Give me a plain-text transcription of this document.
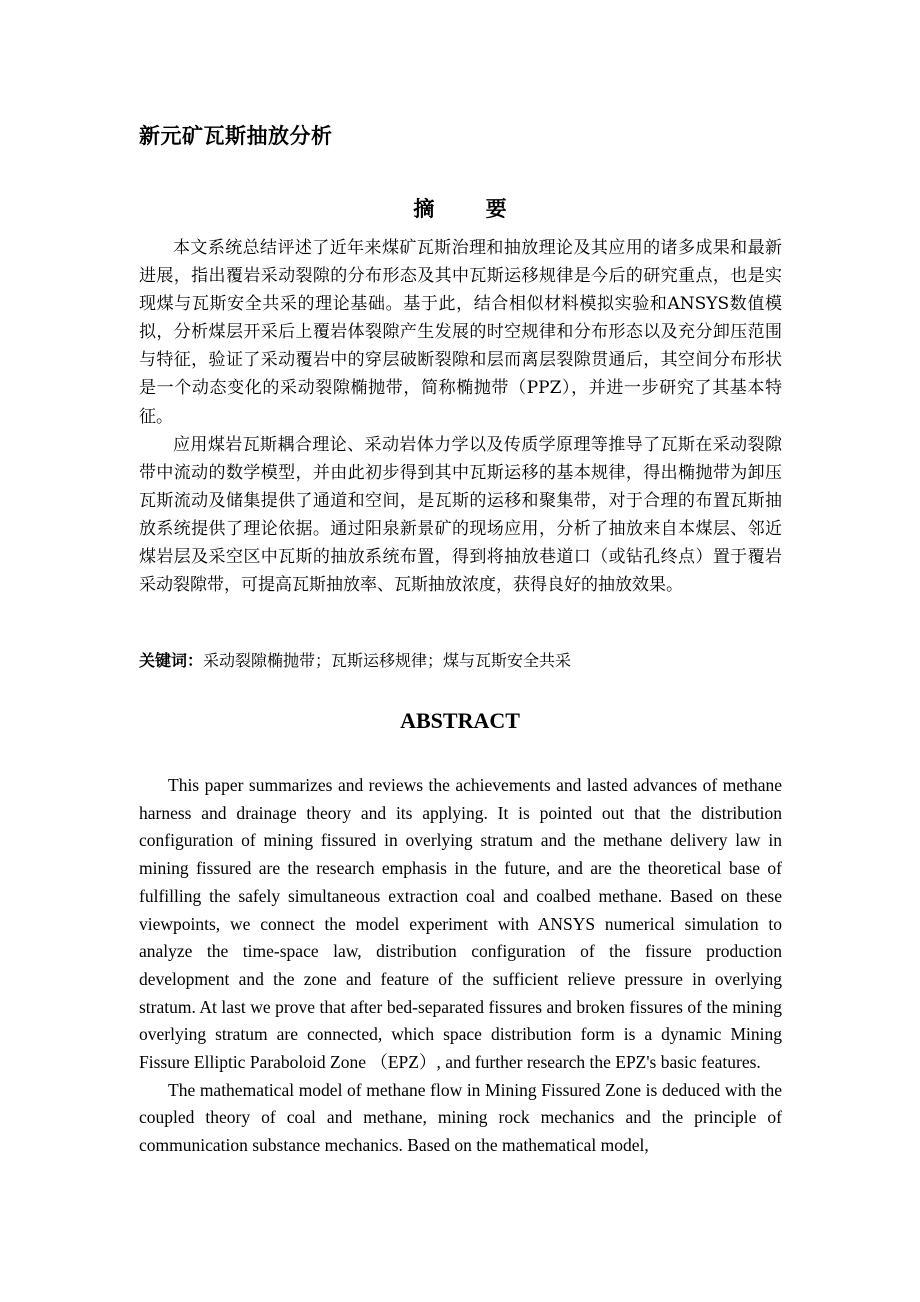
新元矿瓦斯抽放分析
摘 要

本文系统总结评述了近年来煤矿瓦斯治理和抽放理论及其应用的诸多成果和最新进展，指出覆岩采动裂隙的分布形态及其中瓦斯运移规律是今后的研究重点，也是实现煤与瓦斯安全共采的理论基础。基于此，结合相似材料模拟实验和ANSYS数值模拟，分析煤层开采后上覆岩体裂隙产生发展的时空规律和分布形态以及充分卸压范围与特征，验证了采动覆岩中的穿层破断裂隙和层而离层裂隙贯通后，其空间分布形状是一个动态变化的采动裂隙椭抛带，简称椭抛带（PPZ），并进一步研究了其基本特征。

应用煤岩瓦斯耦合理论、采动岩体力学以及传质学原理等推导了瓦斯在采动裂隙带中流动的数学模型，并由此初步得到其中瓦斯运移的基本规律，得出椭抛带为卸压瓦斯流动及储集提供了通道和空间，是瓦斯的运移和聚集带，对于合理的布置瓦斯抽放系统提供了理论依据。通过阳泉新景矿的现场应用，分析了抽放来自本煤层、邻近煤岩层及采空区中瓦斯的抽放系统布置，得到将抽放巷道口（或钻孔终点）置于覆岩采动裂隙带，可提高瓦斯抽放率、瓦斯抽放浓度，获得良好的抽放效果。

关键词：采动裂隙椭抛带；瓦斯运移规律；煤与瓦斯安全共采
ABSTRACT

This paper summarizes and reviews the achievements and lasted advances of methane harness and drainage theory and its applying. It is pointed out that the distribution configuration of mining fissured in overlying stratum and the methane delivery law in mining fissured are the research emphasis in the future, and are the theoretical base of fulfilling the safely simultaneous extraction coal and coalbed methane. Based on these viewpoints, we connect the model experiment with ANSYS numerical simulation to analyze the time-space law, distribution configuration of the fissure production development and the zone and feature of the sufficient relieve pressure in overlying stratum. At last we prove that after bed-separated fissures and broken fissures of the mining overlying stratum are connected, which space distribution form is a dynamic Mining Fissure Elliptic Paraboloid Zone （EPZ）, and further research the EPZ's basic features.

The mathematical model of methane flow in Mining Fissured Zone is deduced with the coupled theory of coal and methane, mining rock mechanics and the principle of communication substance mechanics. Based on the mathematical model,
